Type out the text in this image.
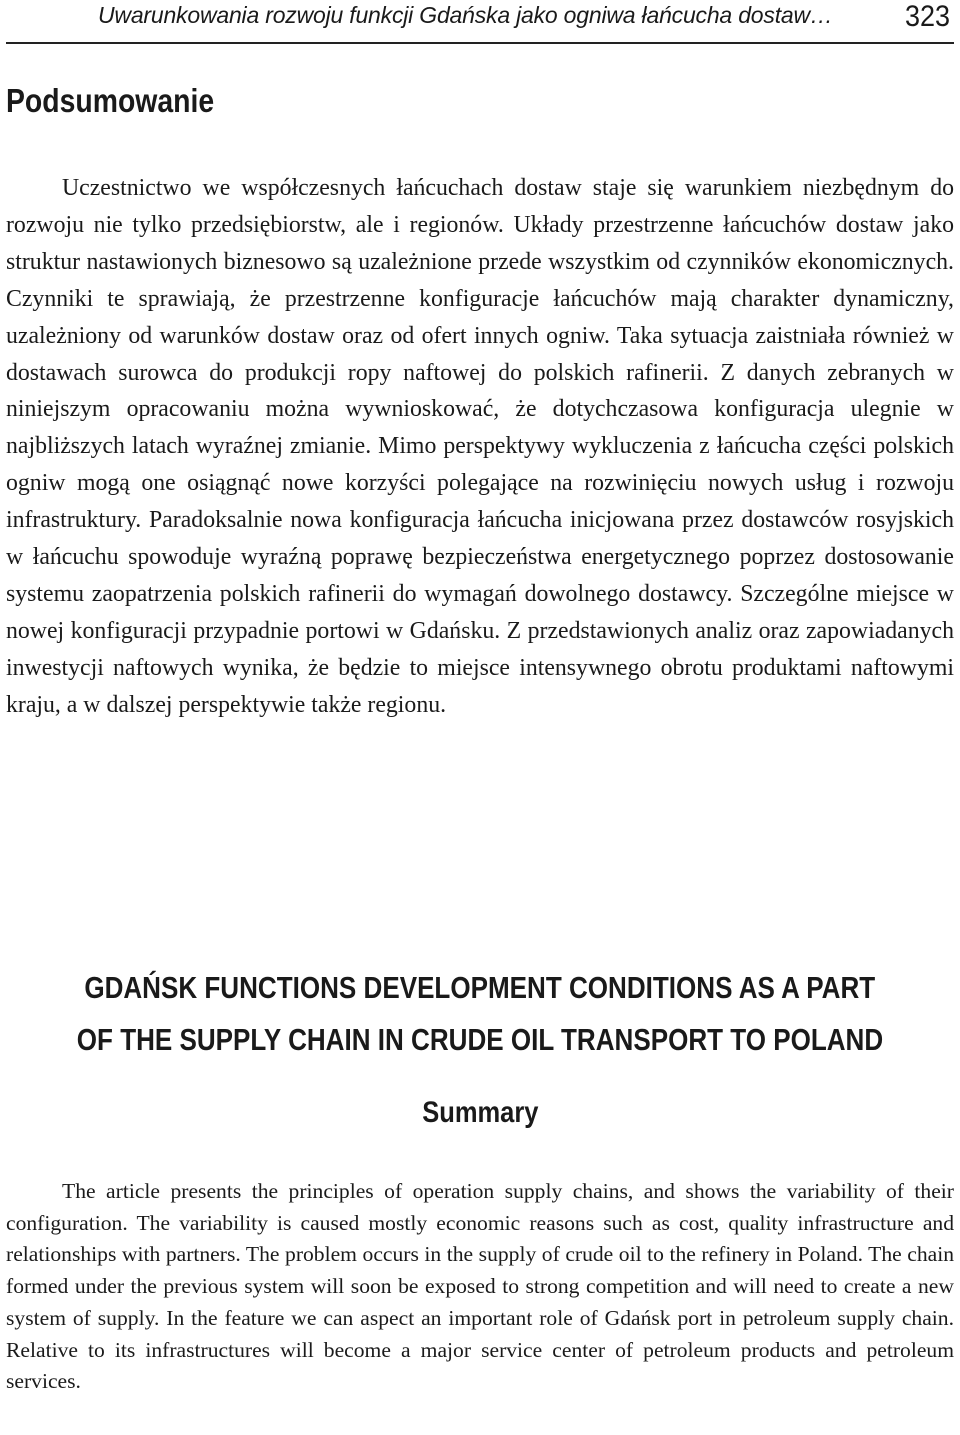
Uwarunkowania rozwoju funkcji Gdańska jako ogniwa łańcucha dostaw… 323
Podsumowanie

Uczestnictwo we współczesnych łańcuchach dostaw staje się warunkiem niezbędnym do rozwoju nie tylko przedsiębiorstw, ale i regionów. Układy przestrzenne łańcuchów dostaw jako struktur nastawionych biznesowo są uzależnione przede wszystkim od czynników ekonomicznych. Czynniki te sprawiają, że przestrzenne konfiguracje łańcuchów mają charakter dynamiczny, uzależniony od warunków dostaw oraz od ofert innych ogniw. Taka sytuacja zaistniała również w dostawach surowca do produkcji ropy naftowej do polskich rafinerii. Z danych zebranych w niniejszym opracowaniu można wywnioskować, że dotychczasowa konfiguracja ulegnie w najbliższych latach wyraźnej zmianie. Mimo perspektywy wykluczenia z łańcucha części polskich ogniw mogą one osiągnąć nowe korzyści polegające na rozwinięciu nowych usług i rozwoju infrastruktury. Paradoksalnie nowa konfiguracja łańcucha inicjowana przez dostawców rosyjskich w łańcuchu spowoduje wyraźną poprawę bezpieczeństwa energetycznego poprzez dostosowanie systemu zaopatrzenia polskich rafinerii do wymagań dowolnego dostawcy. Szczególne miejsce w nowej konfiguracji przypadnie portowi w Gdańsku. Z przedstawionych analiz oraz zapowiadanych inwestycji naftowych wynika, że będzie to miejsce intensywnego obrotu produktami naftowymi kraju, a w dalszej perspektywie także regionu.

GDAŃSK FUNCTIONS DEVELOPMENT CONDITIONS AS A PART
OF THE SUPPLY CHAIN IN CRUDE OIL TRANSPORT TO POLAND
Summary

The article presents the principles of operation supply chains, and shows the variability of their configuration. The variability is caused mostly economic reasons such as cost, quality infrastructure and relationships with partners. The problem occurs in the supply of crude oil to the refinery in Poland. The chain formed under the previous system will soon be exposed to strong competition and will need to create a new system of supply. In the feature we can aspect an important role of Gdańsk port in petroleum supply chain. Relative to its infrastructures will become a major service center of petroleum products and petroleum services.
